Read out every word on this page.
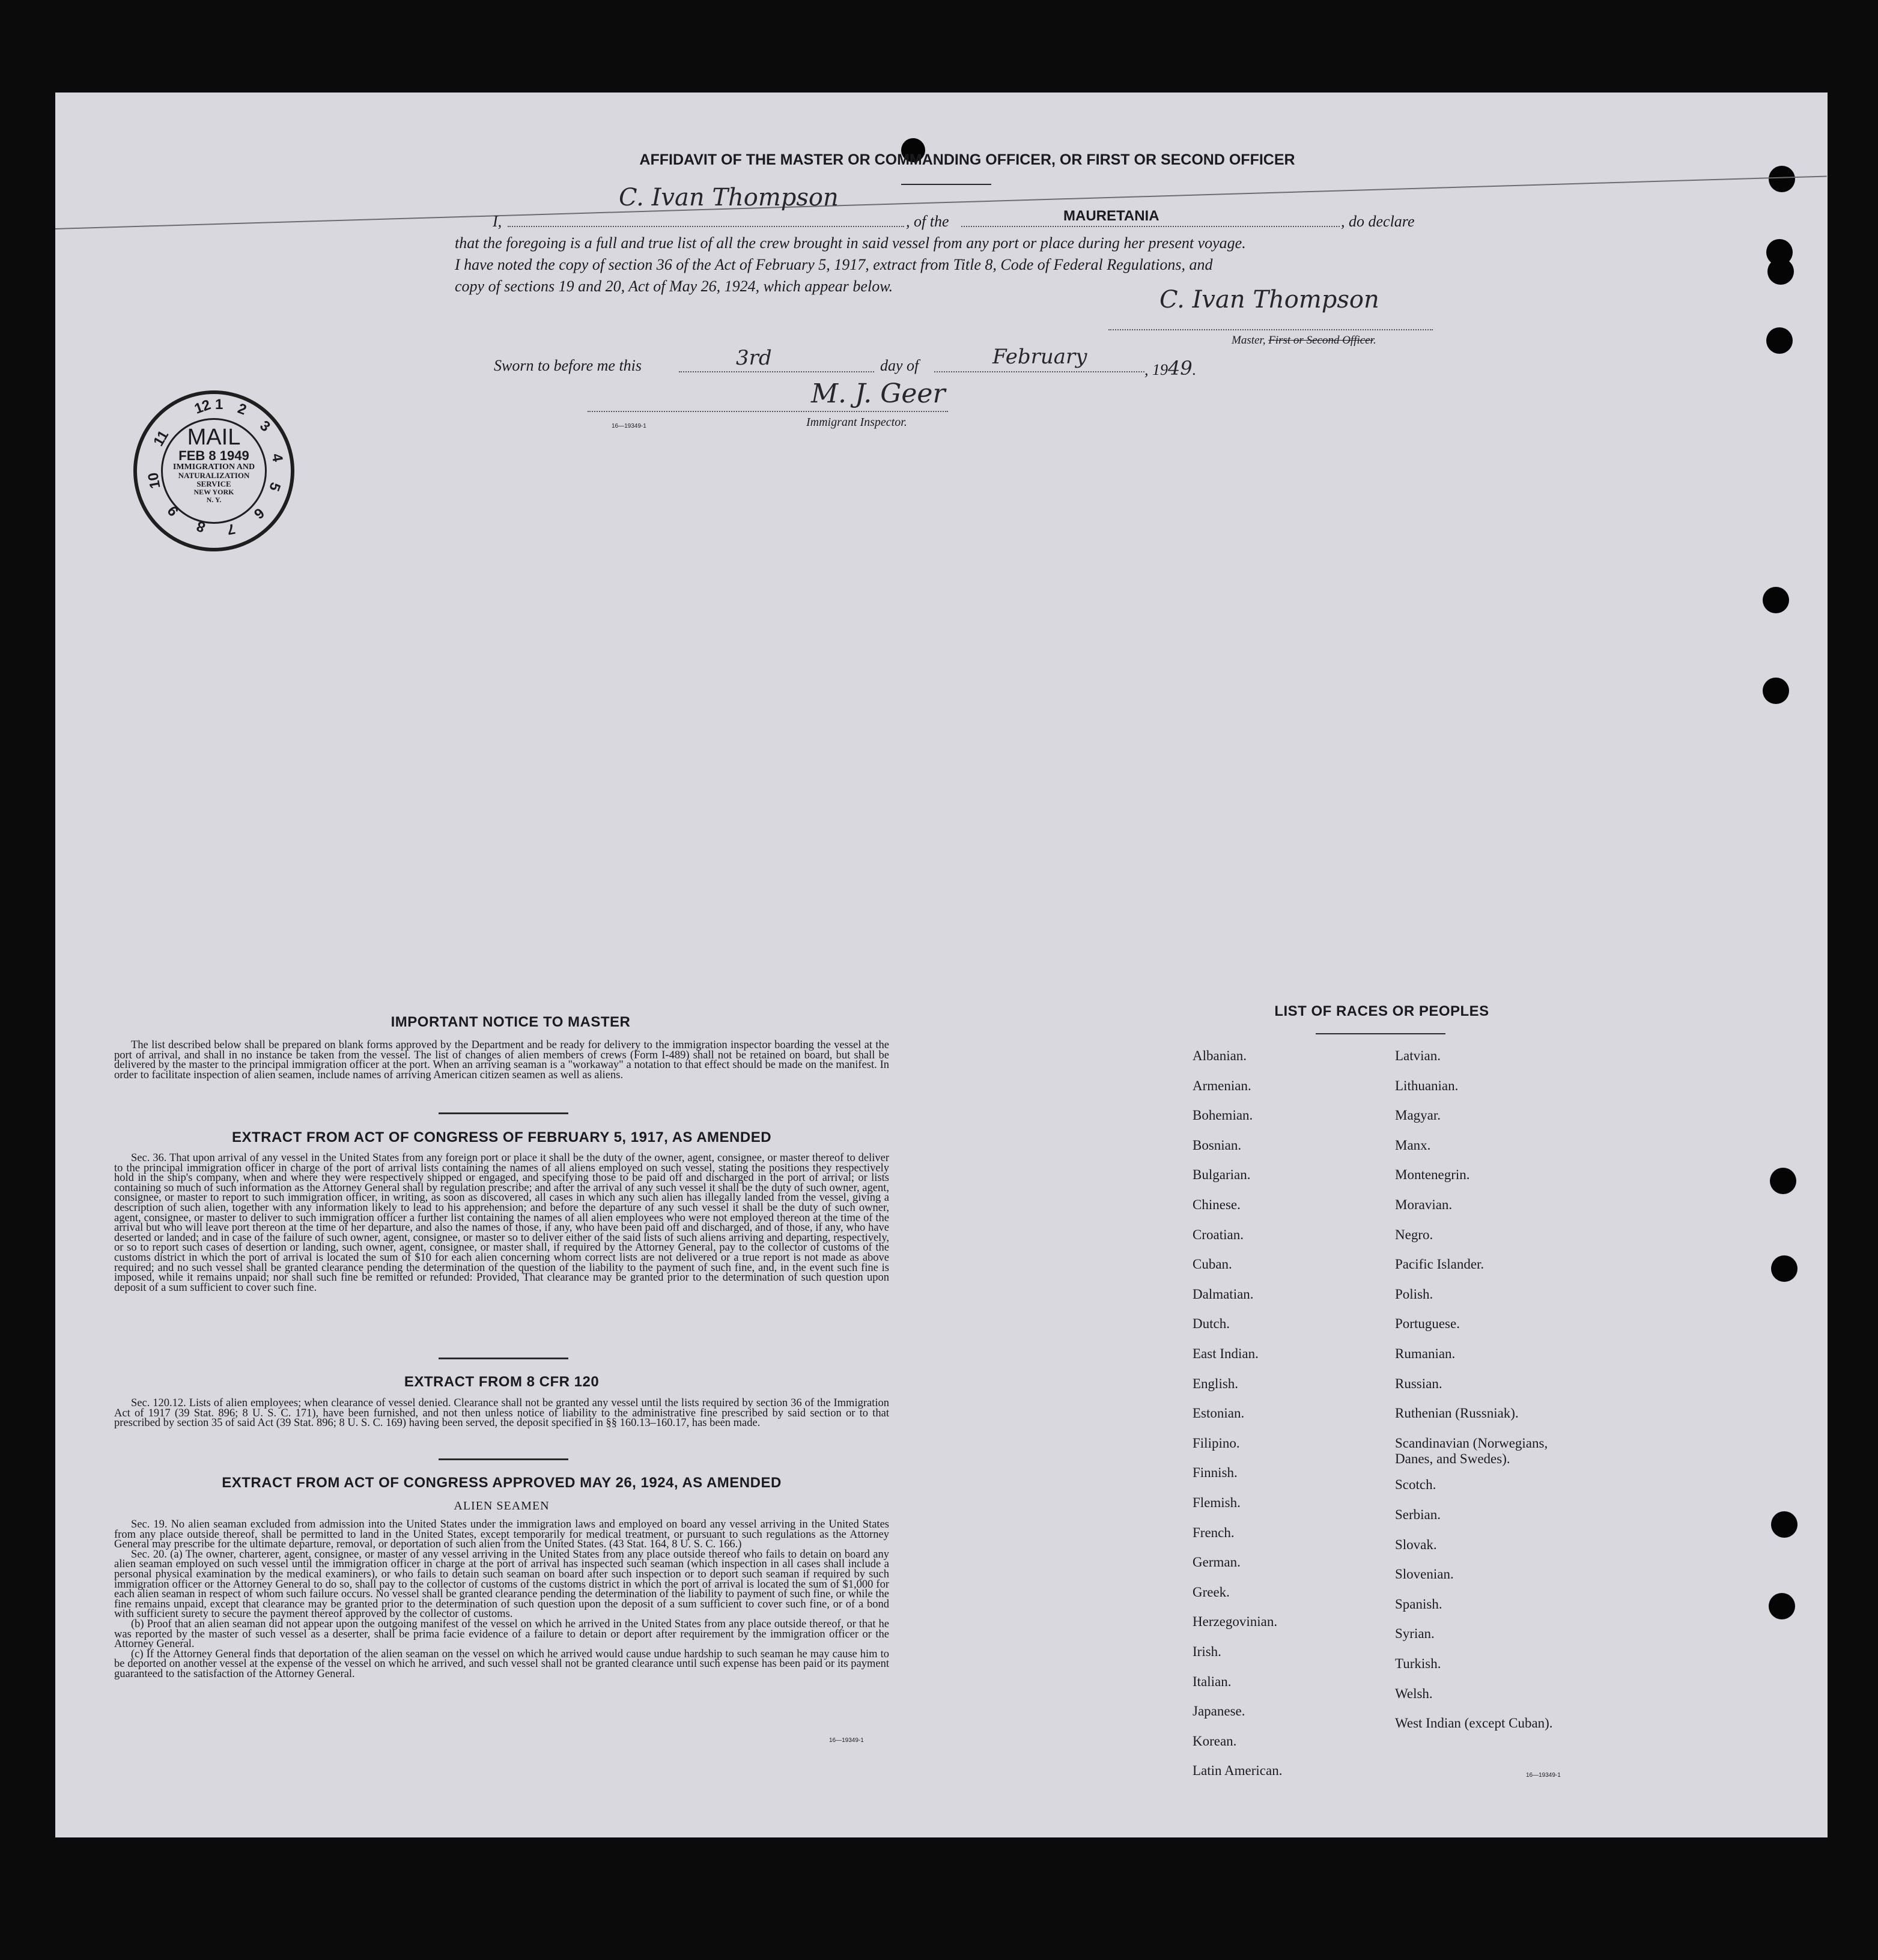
AFFIDAVIT OF THE MASTER OR COMMANDING OFFICER, OR FIRST OR SECOND OFFICER
I,
C. Ivan Thompson
, of the	MAURETANIA	, do declare
that the foregoing is a full and true list of all the crew brought in said vessel from any port or place during her present voyage.
I have noted the copy of section 36 of the Act of February 5, 1917, extract from Title 8, Code of Federal Regulations, and
copy of sections 19 and 20, Act of May 26, 1924, which appear below.	C. Ivan Thompson
Master, First or Second Officer.
Sworn to before me this	3rd	day of	February
, 1949.
M. J. Geer
Immigrant Inspector.
16—19349-1
MAIL
FEB 8 1949
IMMIGRATION AND
NATURALIZATION
SERVICE
NEW YORK
N. Y.
12 1 2
3
4
5
6
7
8
9
10
11
IMPORTANT NOTICE TO MASTER

The list described below shall be prepared on blank forms approved by the Department and be ready for delivery to the immigration inspector boarding the vessel at the port of arrival, and shall in no instance be taken from the vessel. The list of changes of alien members of crews (Form I-489) shall not be retained on board, but shall be delivered by the master to the principal immigration officer at the port. When an arriving seaman is a "workaway" a notation to that effect should be made on the manifest. In order to facilitate inspection of alien seamen, include names of arriving American citizen seamen as well as aliens.

EXTRACT FROM ACT OF CONGRESS OF FEBRUARY 5, 1917, AS AMENDED

Sec. 36. That upon arrival of any vessel in the United States from any foreign port or place it shall be the duty of the owner, agent, consignee, or master thereof to deliver to the principal immigration officer in charge of the port of arrival lists containing the names of all aliens employed on such vessel, stating the positions they respectively hold in the ship's company, when and where they were respectively shipped or engaged, and specifying those to be paid off and discharged in the port of arrival; or lists containing so much of such information as the Attorney General shall by regulation prescribe; and after the arrival of any such vessel it shall be the duty of such owner, agent, consignee, or master to report to such immigration officer, in writing, as soon as discovered, all cases in which any such alien has illegally landed from the vessel, giving a description of such alien, together with any information likely to lead to his apprehension; and before the departure of any such vessel it shall be the duty of such owner, agent, consignee, or master to deliver to such immigration officer a further list containing the names of all alien employees who were not employed thereon at the time of the arrival but who will leave port thereon at the time of her departure, and also the names of those, if any, who have been paid off and discharged, and of those, if any, who have deserted or landed; and in case of the failure of such owner, agent, consignee, or master so to deliver either of the said lists of such aliens arriving and departing, respectively, or so to report such cases of desertion or landing, such owner, agent, consignee, or master shall, if required by the Attorney General, pay to the collector of customs of the customs district in which the port of arrival is located the sum of $10 for each alien concerning whom correct lists are not delivered or a true report is not made as above required; and no such vessel shall be granted clearance pending the determination of the question of the liability to the payment of such fine, and, in the event such fine is imposed, while it remains unpaid; nor shall such fine be remitted or refunded: Provided, That clearance may be granted prior to the determination of such question upon deposit of a sum sufficient to cover such fine.

EXTRACT FROM 8 CFR 120

Sec. 120.12. Lists of alien employees; when clearance of vessel denied. Clearance shall not be granted any vessel until the lists required by section 36 of the Immigration Act of 1917 (39 Stat. 896; 8 U. S. C. 171), have been furnished, and not then unless notice of liability to the administrative fine prescribed by said section or to that prescribed by section 35 of said Act (39 Stat. 896; 8 U. S. C. 169) having been served, the deposit specified in §§ 160.13–160.17, has been made.

EXTRACT FROM ACT OF CONGRESS APPROVED MAY 26, 1924, AS AMENDED
ALIEN SEAMEN

Sec. 19. No alien seaman excluded from admission into the United States under the immigration laws and employed on board any vessel arriving in the United States from any place outside thereof, shall be permitted to land in the United States, except temporarily for medical treatment, or pursuant to such regulations as the Attorney General may prescribe for the ultimate departure, removal, or deportation of such alien from the United States. (43 Stat. 164, 8 U. S. C. 166.)

Sec. 20. (a) The owner, charterer, agent, consignee, or master of any vessel arriving in the United States from any place outside thereof who fails to detain on board any alien seaman employed on such vessel until the immigration officer in charge at the port of arrival has inspected such seaman (which inspection in all cases shall include a personal physical examination by the medical examiners), or who fails to detain such seaman on board after such inspection or to deport such seaman if required by such immigration officer or the Attorney General to do so, shall pay to the collector of customs of the customs district in which the port of arrival is located the sum of $1,000 for each alien seaman in respect of whom such failure occurs. No vessel shall be granted clearance pending the determination of the liability to payment of such fine, or while the fine remains unpaid, except that clearance may be granted prior to the determination of such question upon the deposit of a sum sufficient to cover such fine, or of a bond with sufficient surety to secure the payment thereof approved by the collector of customs.

(b) Proof that an alien seaman did not appear upon the outgoing manifest of the vessel on which he arrived in the United States from any place outside thereof, or that he was reported by the master of such vessel as a deserter, shall be prima facie evidence of a failure to detain or deport after requirement by the immigration officer or the Attorney General.

(c) If the Attorney General finds that deportation of the alien seaman on the vessel on which he arrived would cause undue hardship to such seaman he may cause him to be deported on another vessel at the expense of the vessel on which he arrived, and such vessel shall not be granted clearance until such expense has been paid or its payment guaranteed to the satisfaction of the Attorney General.

16—19349-1
LIST OF RACES OR PEOPLES
Albanian.
Armenian.
Bohemian.
Bosnian.
Bulgarian.
Chinese.
Croatian.
Cuban.
Dalmatian.
Dutch.
East Indian.
English.
Estonian.
Filipino.
Finnish.
Flemish.
French.
German.
Greek.
Herzegovinian.
Irish.
Italian.
Japanese.
Korean.
Latin American.
Latvian.
Lithuanian.
Magyar.
Manx.
Montenegrin.
Moravian.
Negro.
Pacific Islander.
Polish.
Portuguese.
Rumanian.
Russian.
Ruthenian (Russniak).
Scandinavian (Norwegians,
Danes, and Swedes).
Scotch.
Serbian.
Slovak.
Slovenian.
Spanish.
Syrian.
Turkish.
Welsh.
West Indian (except Cuban).
16—19349-1
